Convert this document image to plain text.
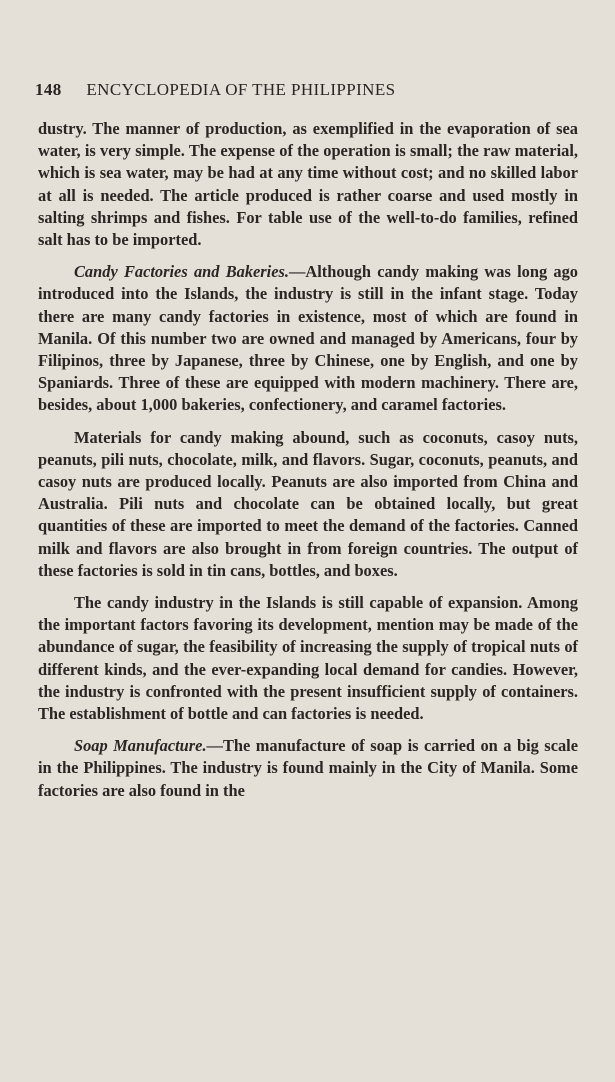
148 ENCYCLOPEDIA OF THE PHILIPPINES

dustry. The manner of production, as exemplified in the evaporation of sea water, is very simple. The expense of the operation is small; the raw material, which is sea water, may be had at any time without cost; and no skilled labor at all is needed. The article produced is rather coarse and used mostly in salting shrimps and fishes. For table use of the well-to-do families, refined salt has to be imported.

Candy Factories and Bakeries.—Although candy making was long ago introduced into the Islands, the industry is still in the infant stage. Today there are many candy factories in existence, most of which are found in Manila. Of this number two are owned and managed by Americans, four by Filipinos, three by Japanese, three by Chinese, one by English, and one by Spaniards. Three of these are equipped with modern machinery. There are, besides, about 1,000 bakeries, confectionery, and caramel factories.

Materials for candy making abound, such as coconuts, casoy nuts, peanuts, pili nuts, chocolate, milk, and flavors. Sugar, coconuts, peanuts, and casoy nuts are produced locally. Peanuts are also imported from China and Australia. Pili nuts and chocolate can be obtained locally, but great quantities of these are imported to meet the demand of the factories. Canned milk and flavors are also brought in from foreign countries. The output of these factories is sold in tin cans, bottles, and boxes.

The candy industry in the Islands is still capable of expansion. Among the important factors favoring its development, mention may be made of the abundance of sugar, the feasibility of increasing the supply of tropical nuts of different kinds, and the ever-expanding local demand for candies. However, the industry is confronted with the present insufficient supply of containers. The establishment of bottle and can factories is needed.

Soap Manufacture.—The manufacture of soap is carried on a big scale in the Philippines. The industry is found mainly in the City of Manila. Some factories are also found in the
